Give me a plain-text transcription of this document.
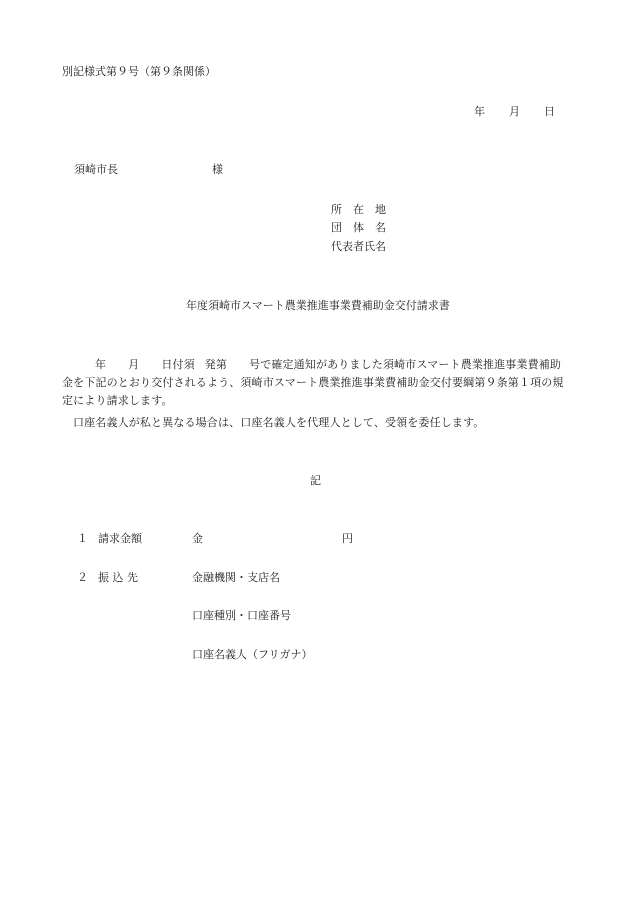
別記様式第９号（第９条関係）
年 月 日
須崎市長	様
所　在　地
団　体　名
代表者氏名
年度須崎市スマート農業推進事業費補助金交付請求書
年 月 日付須 発第 号で確定通知がありました須崎市スマート農業推進事業費補助金を下記のとおり交付されるよう、須崎市スマート農業推進事業費補助金交付要綱第９条第１項の規定により請求します。
口座名義人が私と異なる場合は、口座名義人を代理人として、受領を委任します。
記
１ 請求金額	金	円
２ 振 込 先	金融機関・支店名
口座種別・口座番号
口座名義人（フリガナ）
